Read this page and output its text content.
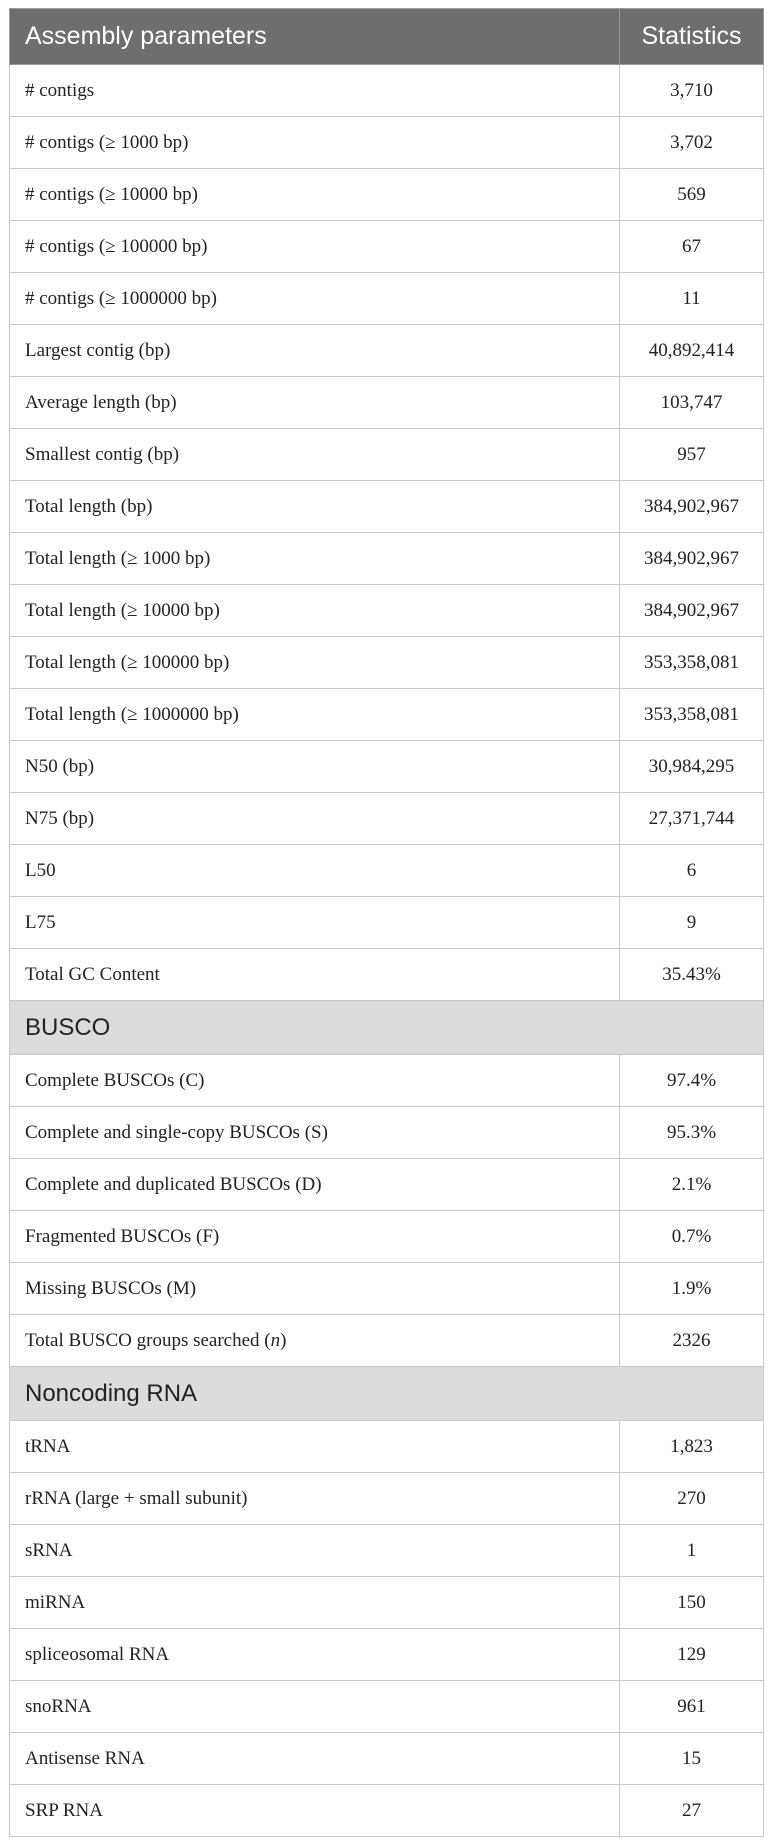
Assembly parameters	Statistics
# contigs	3,710
# contigs (≥ 1000 bp)	3,702
# contigs (≥ 10000 bp)	569
# contigs (≥ 100000 bp)	67
# contigs (≥ 1000000 bp)	11
Largest contig (bp)	40,892,414
Average length (bp)	103,747
Smallest contig (bp)	957
Total length (bp)	384,902,967
Total length (≥ 1000 bp)	384,902,967
Total length (≥ 10000 bp)	384,902,967
Total length (≥ 100000 bp)	353,358,081
Total length (≥ 1000000 bp)	353,358,081
N50 (bp)	30,984,295
N75 (bp)	27,371,744
L50	6
L75	9
Total GC Content	35.43%
BUSCO	
Complete BUSCOs (C)	97.4%
Complete and single-copy BUSCOs (S)	95.3%
Complete and duplicated BUSCOs (D)	2.1%
Fragmented BUSCOs (F)	0.7%
Missing BUSCOs (M)	1.9%
Total BUSCO groups searched (n)	2326
Noncoding RNA	
tRNA	1,823
rRNA (large + small subunit)	270
sRNA	1
miRNA	150
spliceosomal RNA	129
snoRNA	961
Antisense RNA	15
SRP RNA	27
